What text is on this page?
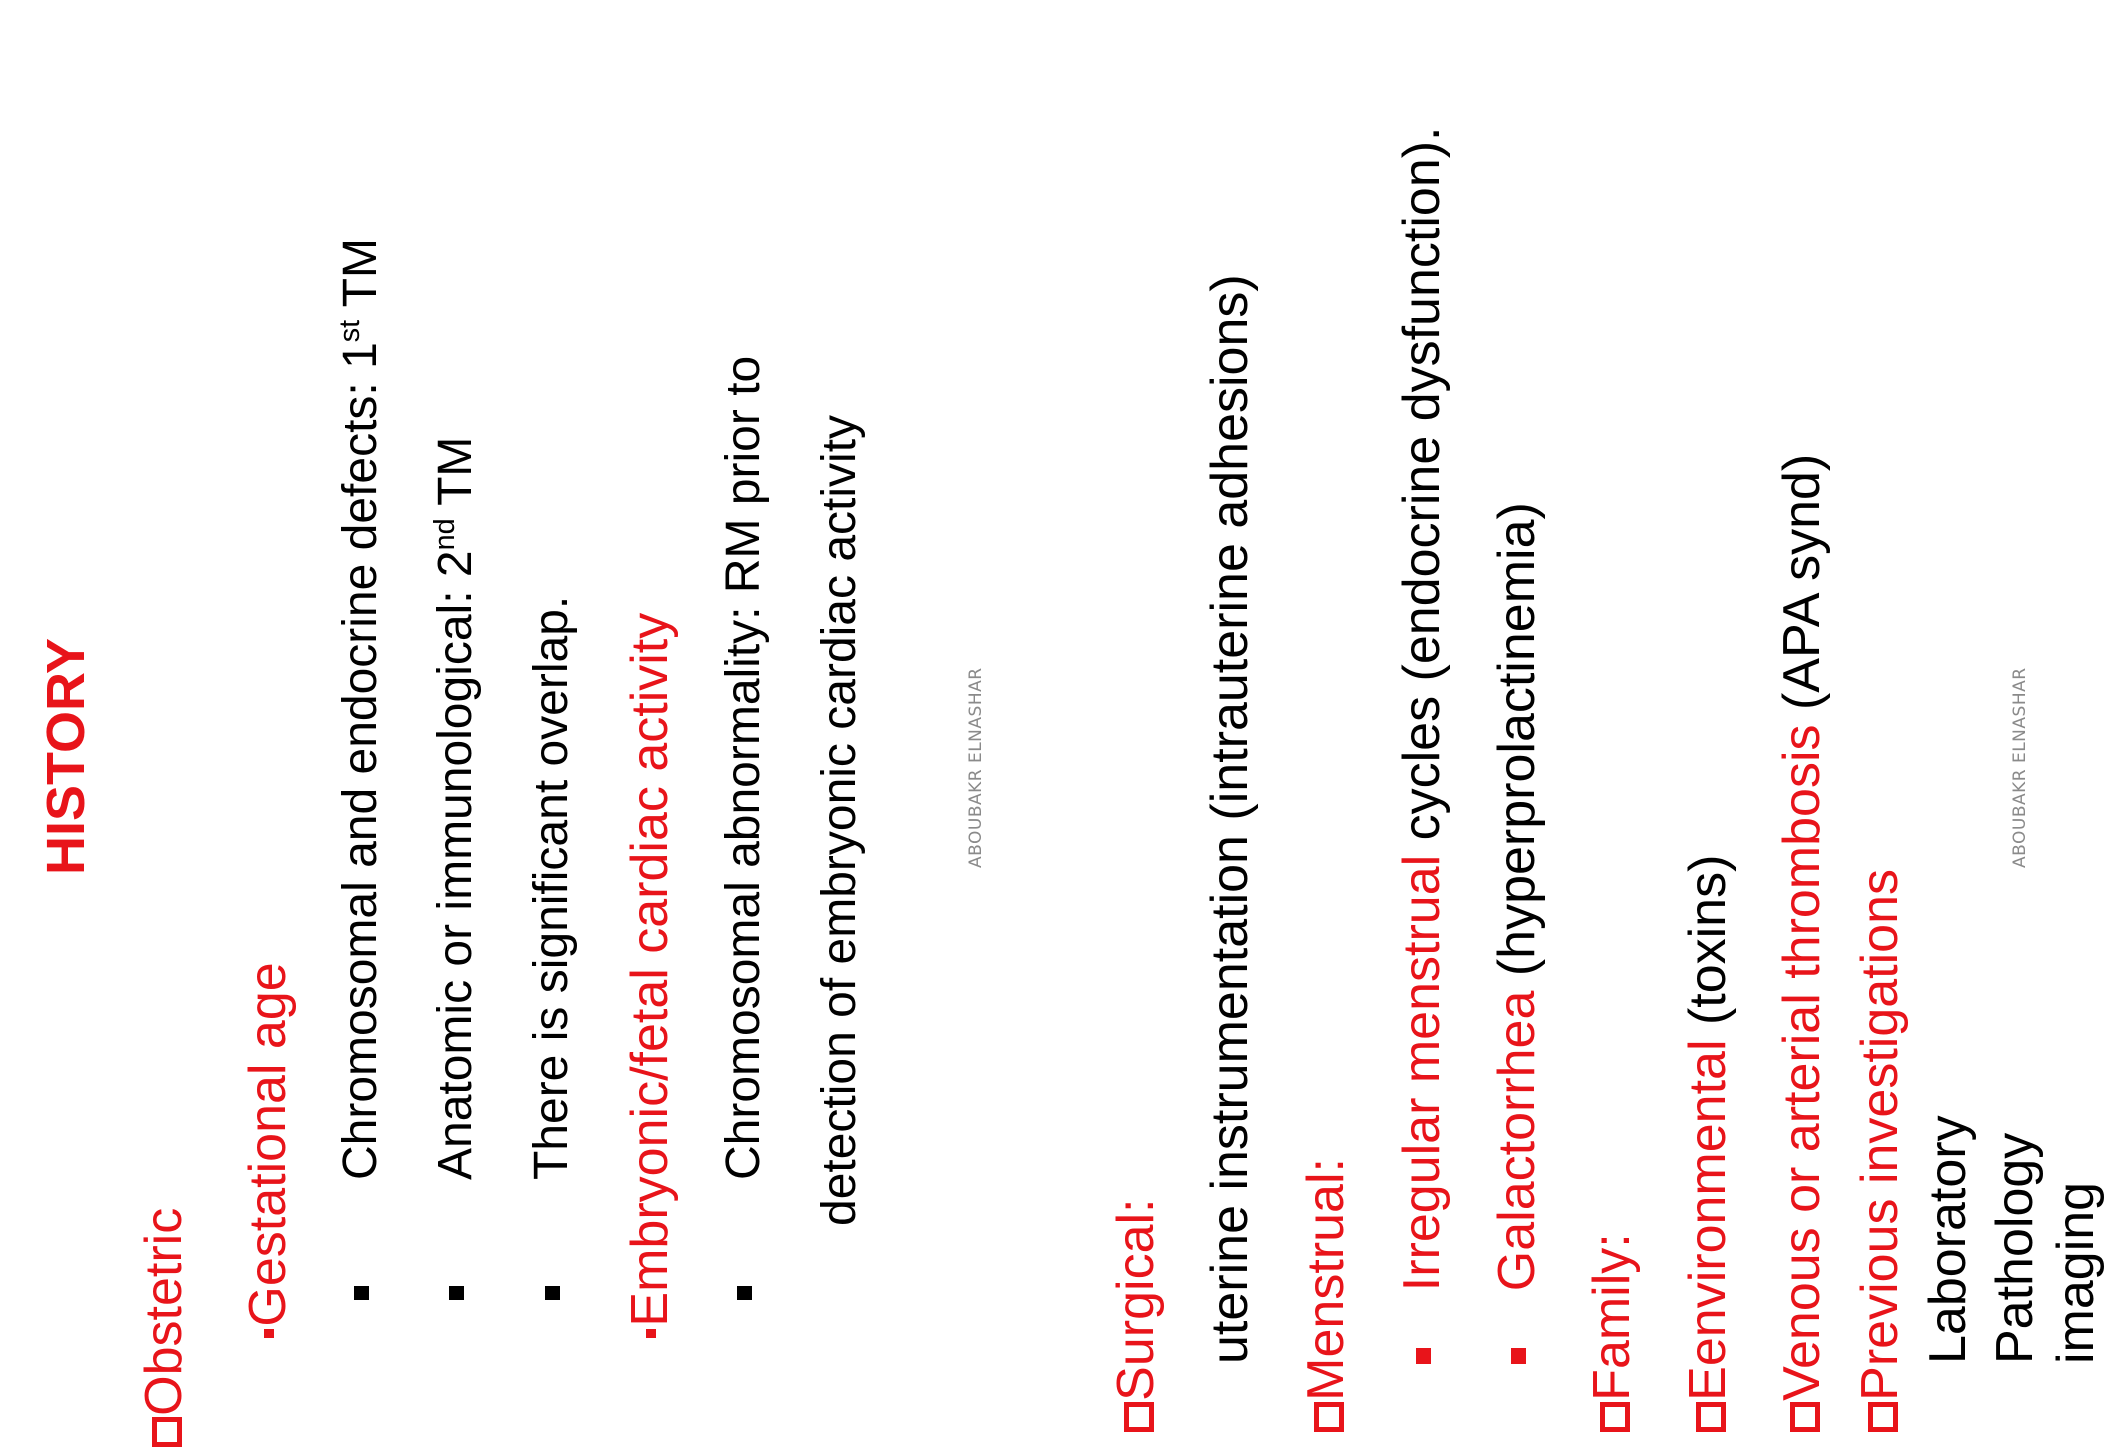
HISTORY
Obstetric Gestational age Chromosomal and endocrine defects: 1st TM
Anatomic or immunological: 2nd TM
There is significant overlap. Embryonic/fetal cardiac activity Chromosomal abnormality: RM prior to detection of embryonic cardiac activity	ABOUBAKR ELNASHAR
Surgical: uterine instrumentation (intrauterine adhesions) Menstrual: Irregular menstrual cycles (endocrine dysfunction).
Galactorrhea (hyperprolactinemia)
Family: Eenvironmental (toxins) Venous or arterial thrombosis (APA synd)
Previous investigations Laboratory Pathology imaging
ABOUBAKR ELNASHAR
